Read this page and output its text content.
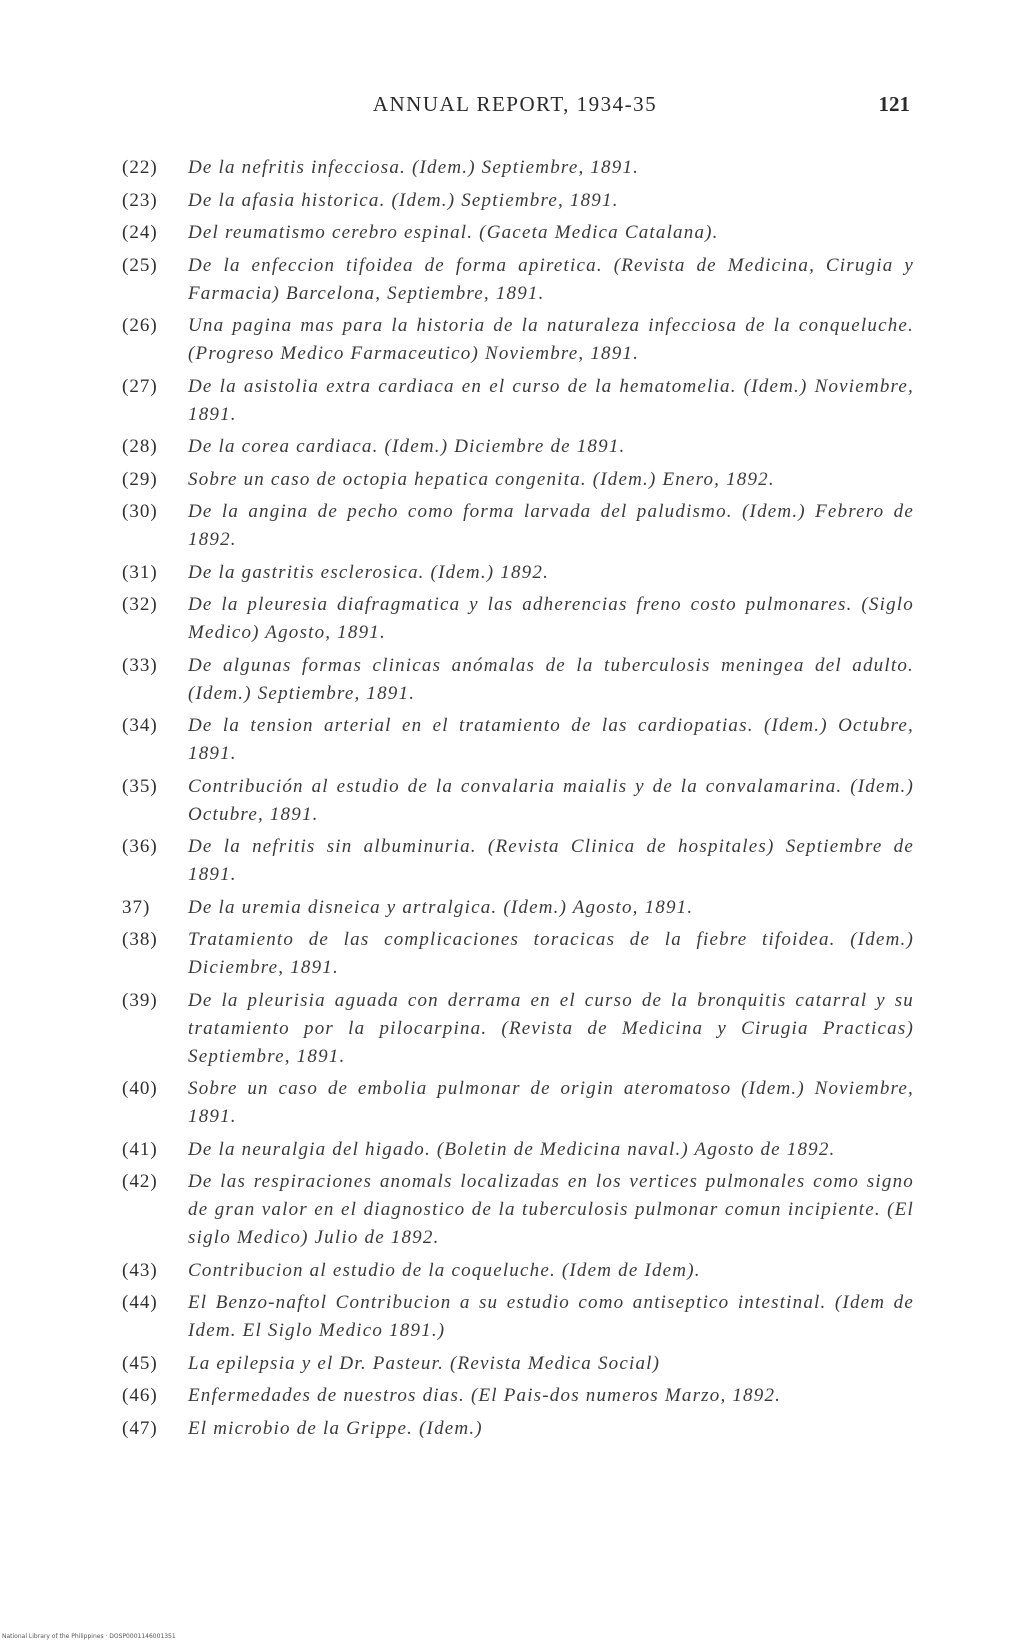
ANNUAL REPORT, 1934-35	121
(22) De la nefritis infecciosa. (Idem.) Septiembre, 1891.
(23) De la afasia historica. (Idem.) Septiembre, 1891.
(24) Del reumatismo cerebro espinal. (Gaceta Medica Catalana).
(25) De la enfeccion tifoidea de forma apiretica. (Revista de Medicina, Cirugia y Farmacia) Barcelona, Septiembre, 1891.
(26) Una pagina mas para la historia de la naturaleza infecciosa de la conqueluche. (Progreso Medico Farmaceutico) Noviembre, 1891.
(27) De la asistolia extra cardiaca en el curso de la hematomelia. (Idem.) Noviembre, 1891.
(28) De la corea cardiaca. (Idem.) Diciembre de 1891.
(29) Sobre un caso de octopia hepatica congenita. (Idem.) Enero, 1892.
(30) De la angina de pecho como forma larvada del paludismo. (Idem.) Febrero de 1892.
(31) De la gastritis esclerosica. (Idem.) 1892.
(32) De la pleuresia diafragmatica y las adherencias freno costo pulmonares. (Siglo Medico) Agosto, 1891.
(33) De algunas formas clinicas anómalas de la tuberculosis meningea del adulto. (Idem.) Septiembre, 1891.
(34) De la tension arterial en el tratamiento de las cardiopatias. (Idem.) Octubre, 1891.
(35) Contribución al estudio de la convalaria maialis y de la convalamarina. (Idem.) Octubre, 1891.
(36) De la nefritis sin albuminuria. (Revista Clinica de hospitales) Septiembre de 1891.
37) De la uremia disneica y artralgica. (Idem.) Agosto, 1891.
(38) Tratamiento de las complicaciones toracicas de la fiebre tifoidea. (Idem.) Diciembre, 1891.
(39) De la pleurisia aguada con derrama en el curso de la bronquitis catarral y su tratamiento por la pilocarpina. (Revista de Medicina y Cirugia Practicas) Septiembre, 1891.
(40) Sobre un caso de embolia pulmonar de origin ateromatoso (Idem.) Noviembre, 1891.
(41) De la neuralgia del higado. (Boletin de Medicina naval.) Agosto de 1892.
(42) De las respiraciones anomals localizadas en los vertices pulmonales como signo de gran valor en el diagnostico de la tuberculosis pulmonar comun incipiente. (El siglo Medico) Julio de 1892.
(43) Contribucion al estudio de la coqueluche. (Idem de Idem).
(44) El Benzo-naftol Contribucion a su estudio como antiseptico intestinal. (Idem de Idem. El Siglo Medico 1891.)
(45) La epilepsia y el Dr. Pasteur. (Revista Medica Social)
(46) Enfermedades de nuestros dias. (El Pais-dos numeros Marzo, 1892.
(47) El microbio de la Grippe. (Idem.)
National Library of the Philippines · DOSP0001146001351
